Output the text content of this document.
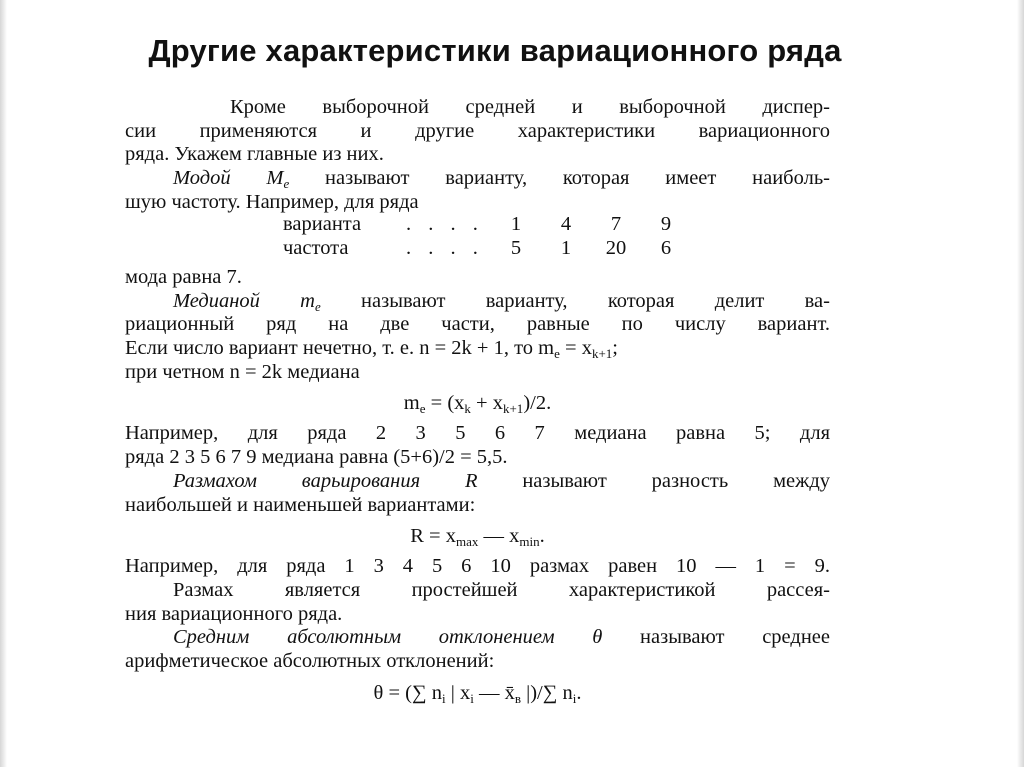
Другие характеристики вариационного ряда
Кроме выборочной средней и выборочной диспер-
сии применяются и другие характеристики вариационного
ряда. Укажем главные из них.
Модой $M_e$ называют варианту, которая имеет наиболь-
шую частоту. Например, для ряда
варианта	. . . .	1	4	7	9
частота	. . . .	5	1	20	6
мода равна 7.
Медианой $m_e$ называют варианту, которая делит ва-
риационный ряд на две части, равные по числу вариант.
Если число вариант нечетно, т. е. n = 2k + 1, то $m_e = x_{k+1}$;
при четном n = 2k медиана
$m_e = (x_k + x_{k+1})/2$.
Например, для ряда 2 3 5 6 7 медиана равна 5; для
ряда 2 3 5 6 7 9 медиана равна (5+6)/2 = 5,5.
Размахом варьирования R называют разность между
наибольшей и наименьшей вариантами:
$R = x_{max}$ — $x_{min}$.
Например, для ряда 1 3 4 5 6 10 размах равен 10 — 1 = 9.
Размах является простейшей характеристикой рассея-
ния вариационного ряда.
Средним абсолютным отклонением θ называют среднее
арифметическое абсолютных отклонений:
θ = (∑ $n_i$ | $x_i$ — $x̄_в$ |)/∑ $n_i$.
